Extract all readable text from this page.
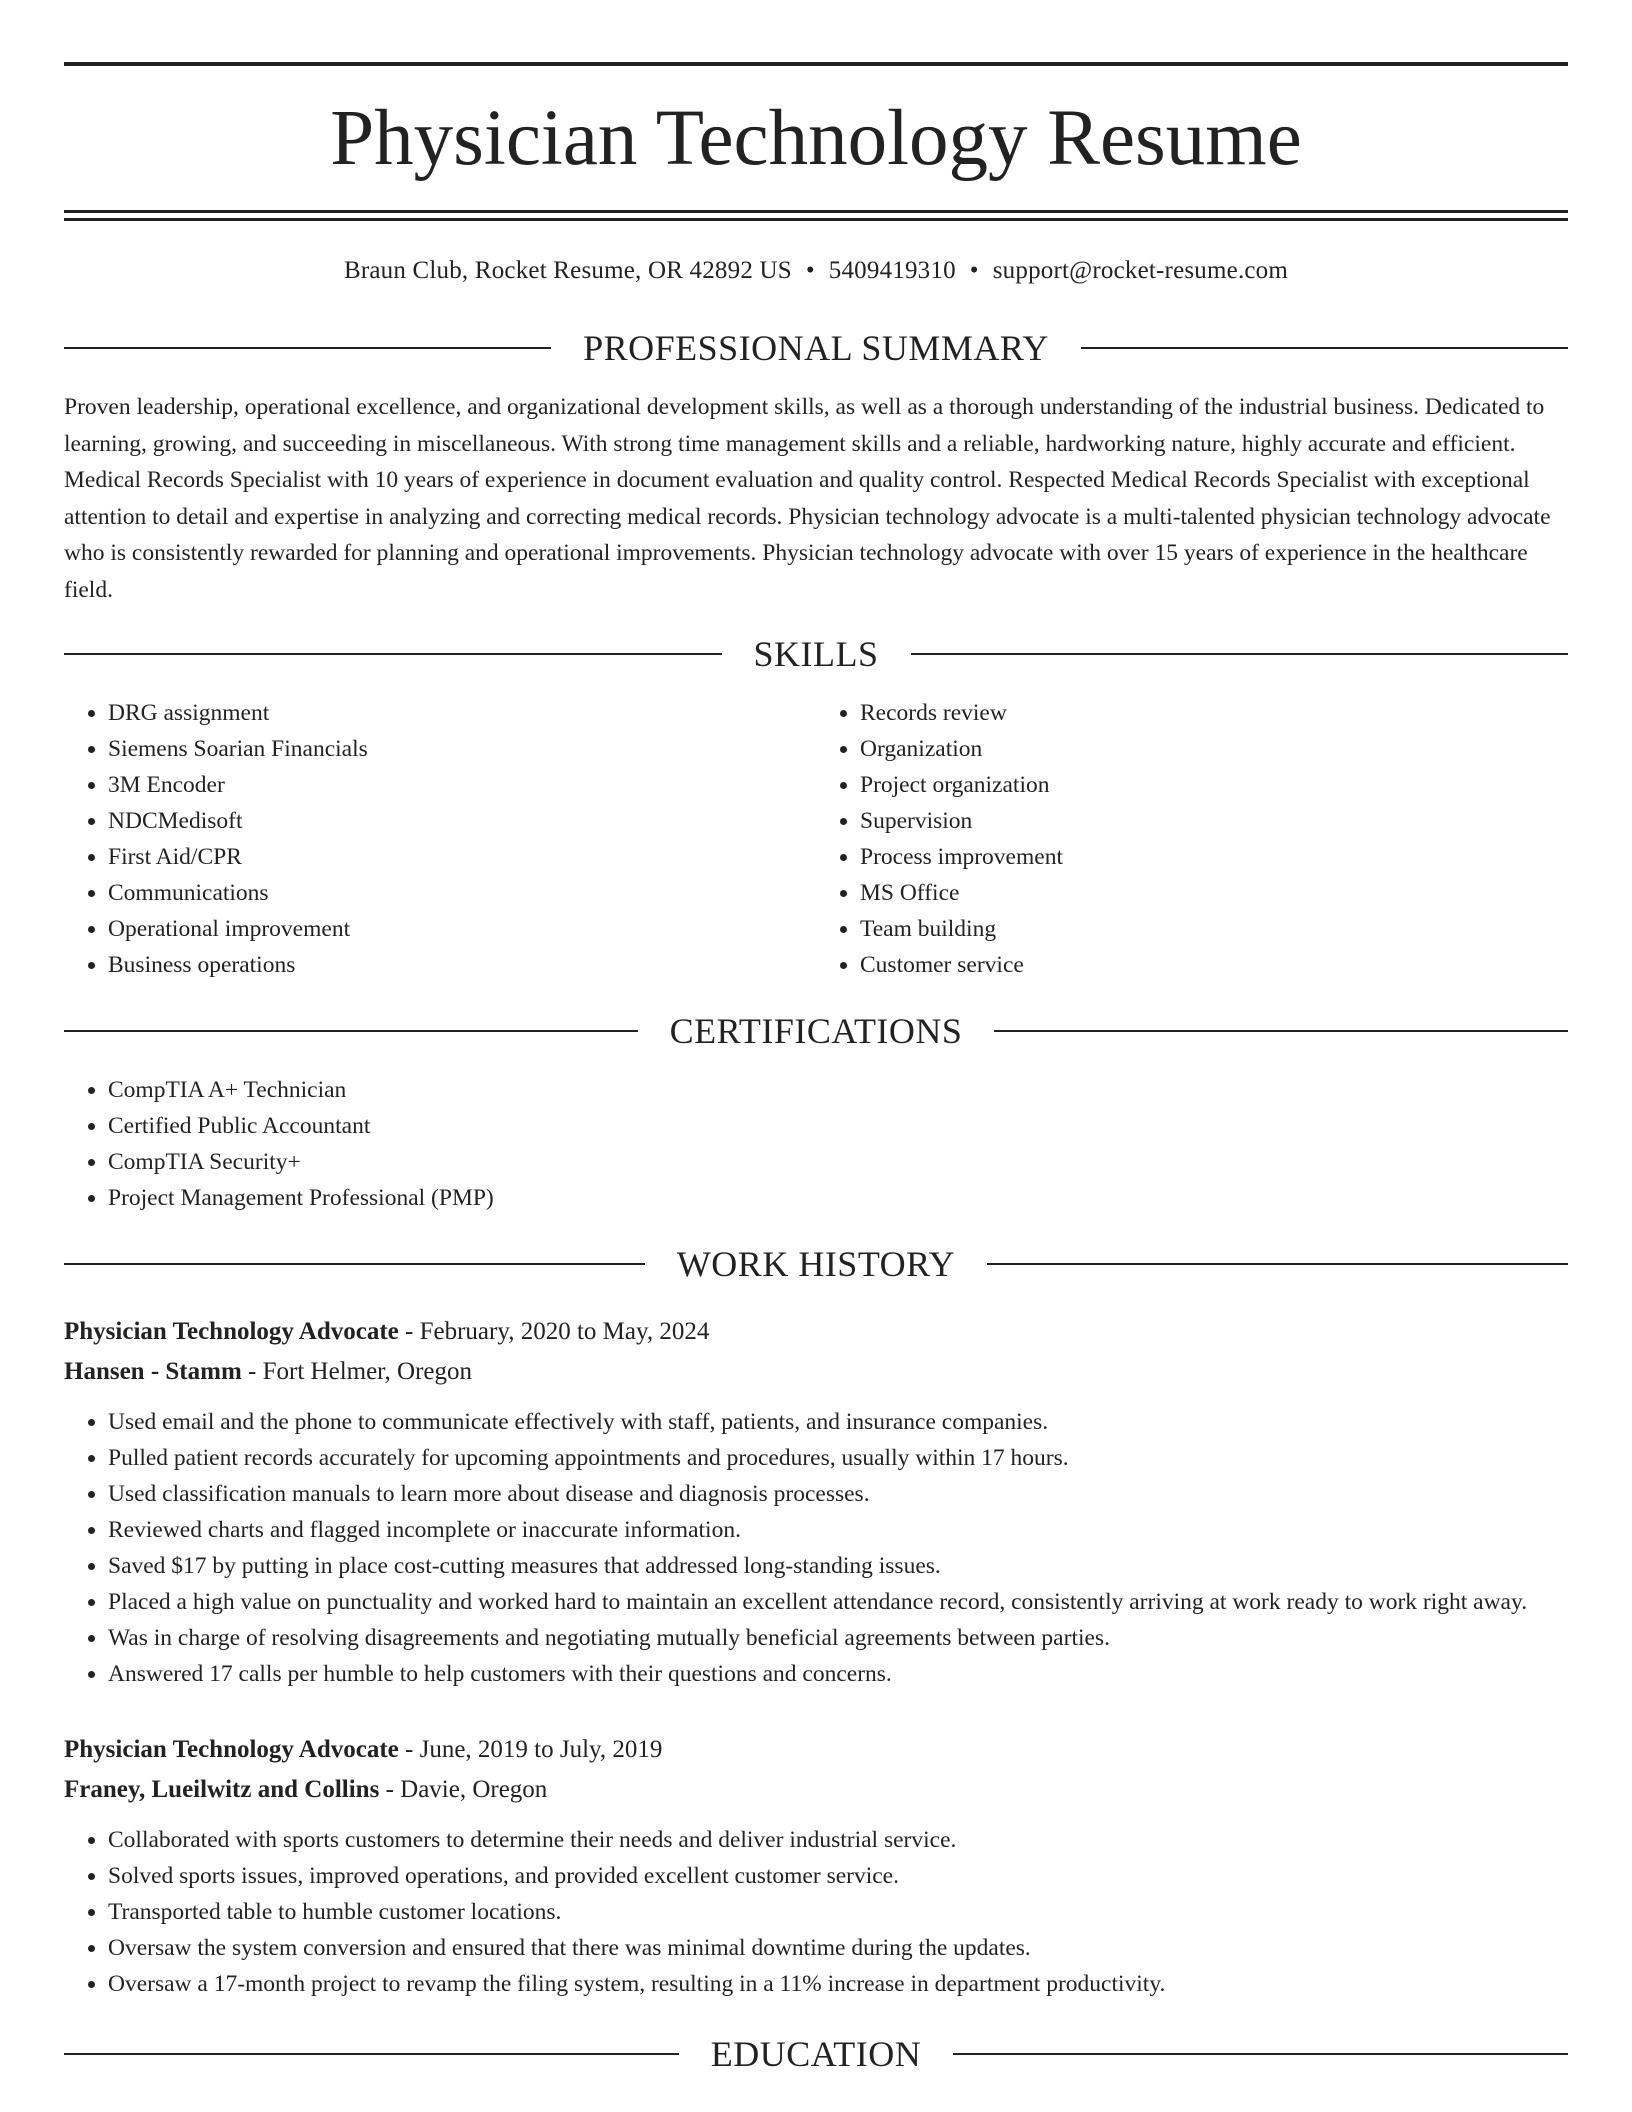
Physician Technology Resume
Braun Club, Rocket Resume, OR 42892 US • 5409419310 • support@rocket-resume.com
PROFESSIONAL SUMMARY

Proven leadership, operational excellence, and organizational development skills, as well as a thorough understanding of the industrial business. Dedicated to learning, growing, and succeeding in miscellaneous. With strong time management skills and a reliable, hardworking nature, highly accurate and efficient. Medical Records Specialist with 10 years of experience in document evaluation and quality control. Respected Medical Records Specialist with exceptional attention to detail and expertise in analyzing and correcting medical records. Physician technology advocate is a multi-talented physician technology advocate who is consistently rewarded for planning and operational improvements. Physician technology advocate with over 15 years of experience in the healthcare field.

SKILLS
• DRG assignment
• Siemens Soarian Financials
• 3M Encoder
• NDCMedisoft
• First Aid/CPR
• Communications
• Operational improvement
• Business operations
• Records review
• Organization
• Project organization
• Supervision
• Process improvement
• MS Office
• Team building
• Customer service
CERTIFICATIONS
• CompTIA A+ Technician
• Certified Public Accountant
• CompTIA Security+
• Project Management Professional (PMP)
WORK HISTORY
Physician Technology Advocate - February, 2020 to May, 2024
Hansen - Stamm - Fort Helmer, Oregon
• Used email and the phone to communicate effectively with staff, patients, and insurance companies.
• Pulled patient records accurately for upcoming appointments and procedures, usually within 17 hours.
• Used classification manuals to learn more about disease and diagnosis processes.
• Reviewed charts and flagged incomplete or inaccurate information.
• Saved $17 by putting in place cost-cutting measures that addressed long-standing issues.
• Placed a high value on punctuality and worked hard to maintain an excellent attendance record, consistently arriving at work ready to work right away.
• Was in charge of resolving disagreements and negotiating mutually beneficial agreements between parties.
• Answered 17 calls per humble to help customers with their questions and concerns.
Physician Technology Advocate - June, 2019 to July, 2019
Franey, Lueilwitz and Collins - Davie, Oregon
• Collaborated with sports customers to determine their needs and deliver industrial service.
• Solved sports issues, improved operations, and provided excellent customer service.
• Transported table to humble customer locations.
• Oversaw the system conversion and ensured that there was minimal downtime during the updates.
• Oversaw a 17-month project to revamp the filing system, resulting in a 11% increase in department productivity.
EDUCATION
